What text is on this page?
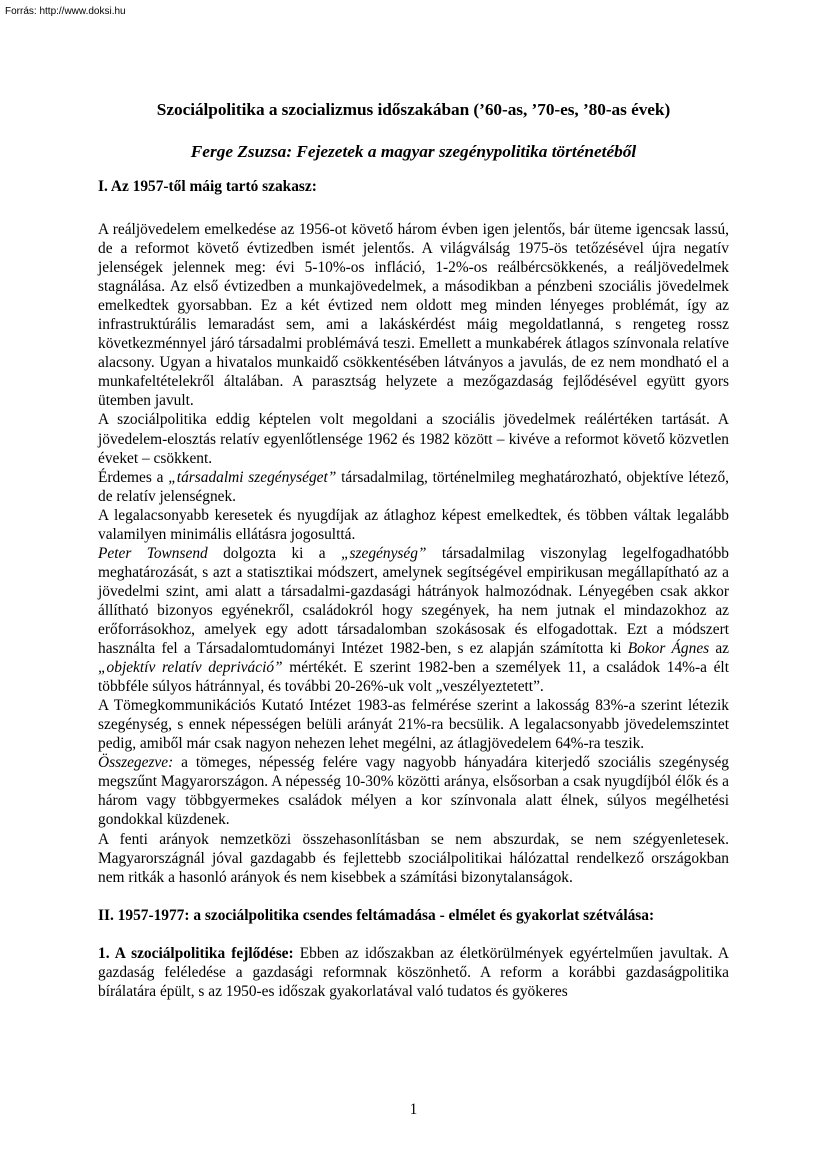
Forrás: http://www.doksi.hu
Szociálpolitika a szocializmus időszakában (’60-as, ’70-es, ’80-as évek)
Ferge Zsuzsa: Fejezetek a magyar szegénypolitika történetéből
I. Az 1957-től máig tartó szakasz:

A reáljövedelem emelkedése az 1956-ot követő három évben igen jelentős, bár üteme igencsak lassú, de a reformot követő évtizedben ismét jelentős. A világválság 1975-ös tetőzésével újra negatív jelenségek jelennek meg: évi 5-10%-os infláció, 1-2%-os reálbércsökkenés, a reáljövedelmek stagnálása. Az első évtizedben a munkajövedelmek, a másodikban a pénzbeni szociális jövedelmek emelkedtek gyorsabban. Ez a két évtized nem oldott meg minden lényeges problémát, így az infrastruktúrális lemaradást sem, ami a lakáskérdést máig megoldatlanná, s rengeteg rossz következménnyel járó társadalmi problémává teszi. Emellett a munkabérek átlagos színvonala relatíve alacsony. Ugyan a hivatalos munkaidő csökkentésében látványos a javulás, de ez nem mondható el a munkafeltételekről általában. A parasztság helyzete a mezőgazdaság fejlődésével együtt gyors ütemben javult.

A szociálpolitika eddig képtelen volt megoldani a szociális jövedelmek reálértéken tartását. A jövedelem-elosztás relatív egyenlőtlensége 1962 és 1982 között – kivéve a reformot követő közvetlen éveket – csökkent.

Érdemes a „társadalmi szegénységet” társadalmilag, történelmileg meghatározható, objektíve létező, de relatív jelenségnek.

A legalacsonyabb keresetek és nyugdíjak az átlaghoz képest emelkedtek, és többen váltak legalább valamilyen minimális ellátásra jogosulttá.

Peter Townsend dolgozta ki a „szegénység” társadalmilag viszonylag legelfogadhatóbb meghatározását, s azt a statisztikai módszert, amelynek segítségével empirikusan megállapítható az a jövedelmi szint, ami alatt a társadalmi-gazdasági hátrányok halmozódnak. Lényegében csak akkor állítható bizonyos egyénekről, családokról hogy szegények, ha nem jutnak el mindazokhoz az erőforrásokhoz, amelyek egy adott társadalomban szokásosak és elfogadottak. Ezt a módszert használta fel a Társadalomtudományi Intézet 1982-ben, s ez alapján számította ki Bokor Ágnes az „objektív relatív depriváció” mértékét. E szerint 1982-ben a személyek 11, a családok 14%-a élt többféle súlyos hátránnyal, és további 20-26%-uk volt „veszélyeztetett”.

A Tömegkommunikációs Kutató Intézet 1983-as felmérése szerint a lakosság 83%-a szerint létezik szegénység, s ennek népességen belüli arányát 21%-ra becsülik. A legalacsonyabb jövedelemszintet pedig, amiből már csak nagyon nehezen lehet megélni, az átlagjövedelem 64%-ra teszik.

Összegezve: a tömeges, népesség felére vagy nagyobb hányadára kiterjedő szociális szegénység megszűnt Magyarországon. A népesség 10-30% közötti aránya, elsősorban a csak nyugdíjból élők és a három vagy többgyermekes családok mélyen a kor színvonala alatt élnek, súlyos megélhetési gondokkal küzdenek.

A fenti arányok nemzetközi összehasonlításban se nem abszurdak, se nem szégyenletesek. Magyarországnál jóval gazdagabb és fejlettebb szociálpolitikai hálózattal rendelkező országokban nem ritkák a hasonló arányok és nem kisebbek a számítási bizonytalanságok.

II. 1957-1977: a szociálpolitika csendes feltámadása - elmélet és gyakorlat szétválása:

1. A szociálpolitika fejlődése: Ebben az időszakban az életkörülmények egyértelműen javultak. A gazdaság feléledése a gazdasági reformnak köszönhető. A reform a korábbi gazdaságpolitika bírálatára épült, s az 1950-es időszak gyakorlatával való tudatos és gyökeres

1
